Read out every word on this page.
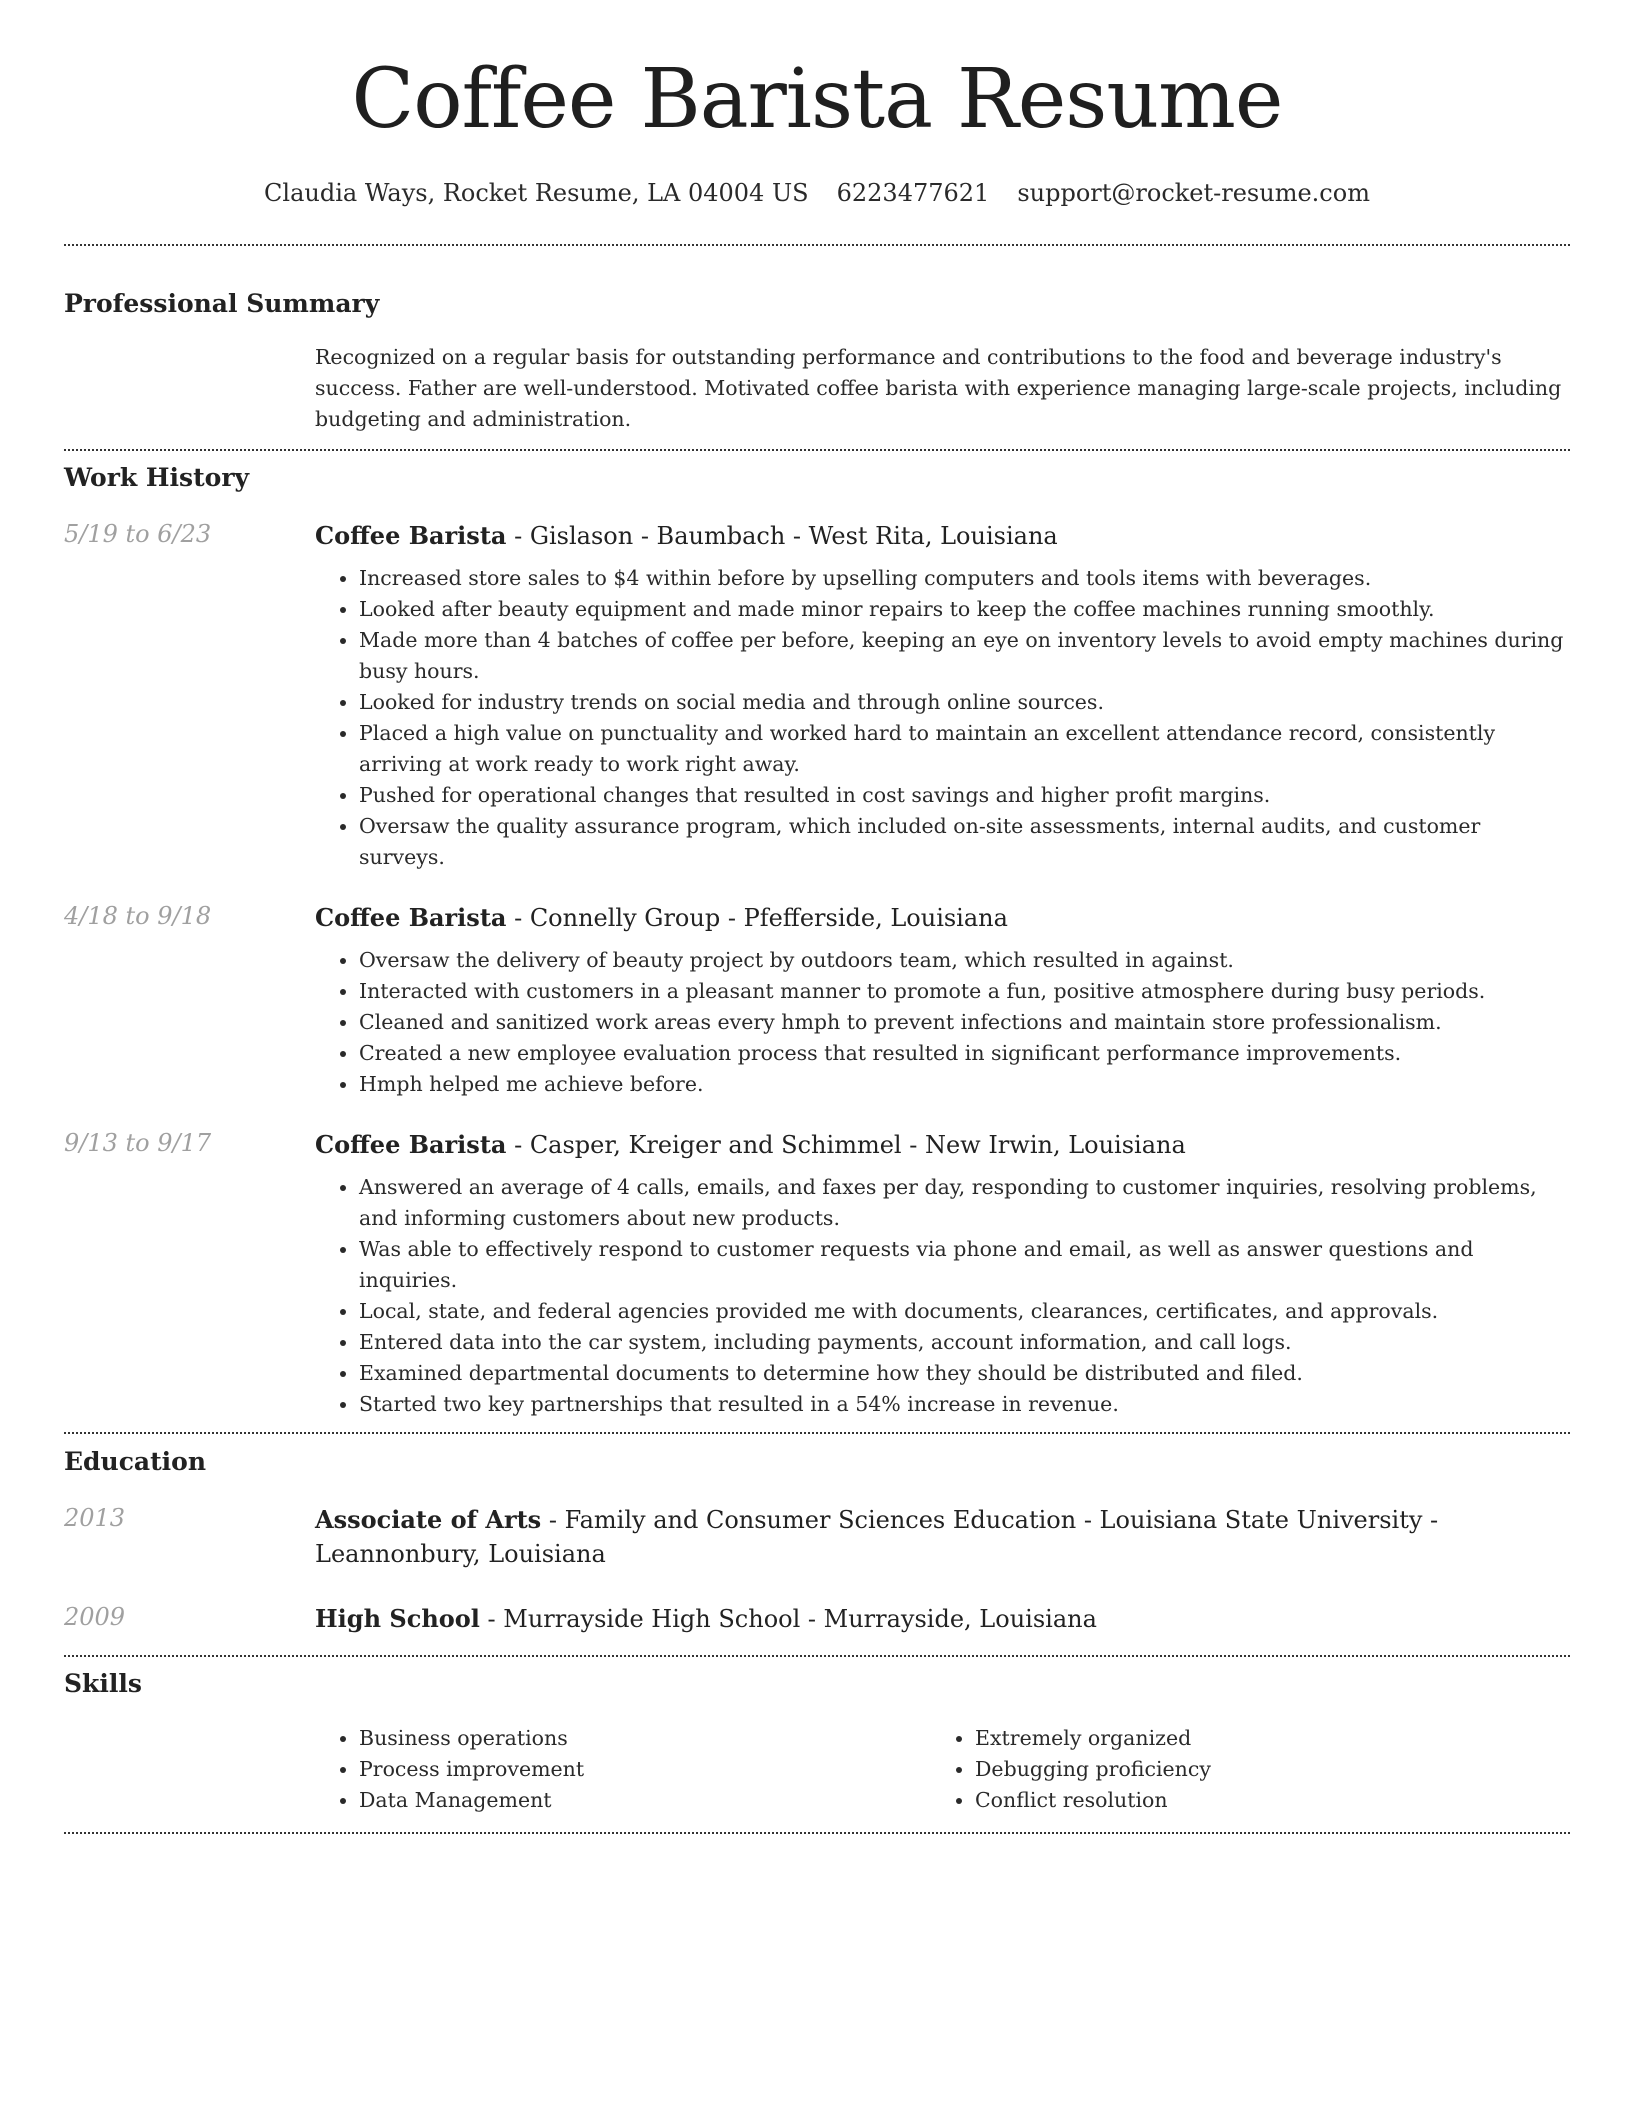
Coffee Barista Resume
Claudia Ways, Rocket Resume, LA 04004 US 6223477621 support@rocket-resume.com
Professional Summary
Recognized on a regular basis for outstanding performance and contributions to the food and beverage industry's success. Father are well-understood. Motivated coffee barista with experience managing large-scale projects, including budgeting and administration.
Work History
5/19 to 6/23	Coffee Barista - Gislason - Baumbach - West Rita, Louisiana
• Increased store sales to $4 within before by upselling computers and tools items with beverages.
• Looked after beauty equipment and made minor repairs to keep the coffee machines running smoothly.
• Made more than 4 batches of coffee per before, keeping an eye on inventory levels to avoid empty machines during busy hours.
• Looked for industry trends on social media and through online sources.
• Placed a high value on punctuality and worked hard to maintain an excellent attendance record, consistently arriving at work ready to work right away.
• Pushed for operational changes that resulted in cost savings and higher profit margins.
• Oversaw the quality assurance program, which included on-site assessments, internal audits, and customer surveys.
4/18 to 9/18	Coffee Barista - Connelly Group - Pfefferside, Louisiana
• Oversaw the delivery of beauty project by outdoors team, which resulted in against.
• Interacted with customers in a pleasant manner to promote a fun, positive atmosphere during busy periods.
• Cleaned and sanitized work areas every hmph to prevent infections and maintain store professionalism.
• Created a new employee evaluation process that resulted in significant performance improvements.
• Hmph helped me achieve before.
9/13 to 9/17	Coffee Barista - Casper, Kreiger and Schimmel - New Irwin, Louisiana
• Answered an average of 4 calls, emails, and faxes per day, responding to customer inquiries, resolving problems, and informing customers about new products.
• Was able to effectively respond to customer requests via phone and email, as well as answer questions and inquiries.
• Local, state, and federal agencies provided me with documents, clearances, certificates, and approvals.
• Entered data into the car system, including payments, account information, and call logs.
• Examined departmental documents to determine how they should be distributed and filed.
• Started two key partnerships that resulted in a 54% increase in revenue.
Education
2013	Associate of Arts - Family and Consumer Sciences Education - Louisiana State University - Leannonbury, Louisiana
2009	High School - Murrayside High School - Murrayside, Louisiana
Skills
• Business operations
• Process improvement
• Data Management
• Extremely organized
• Debugging proficiency
• Conflict resolution
